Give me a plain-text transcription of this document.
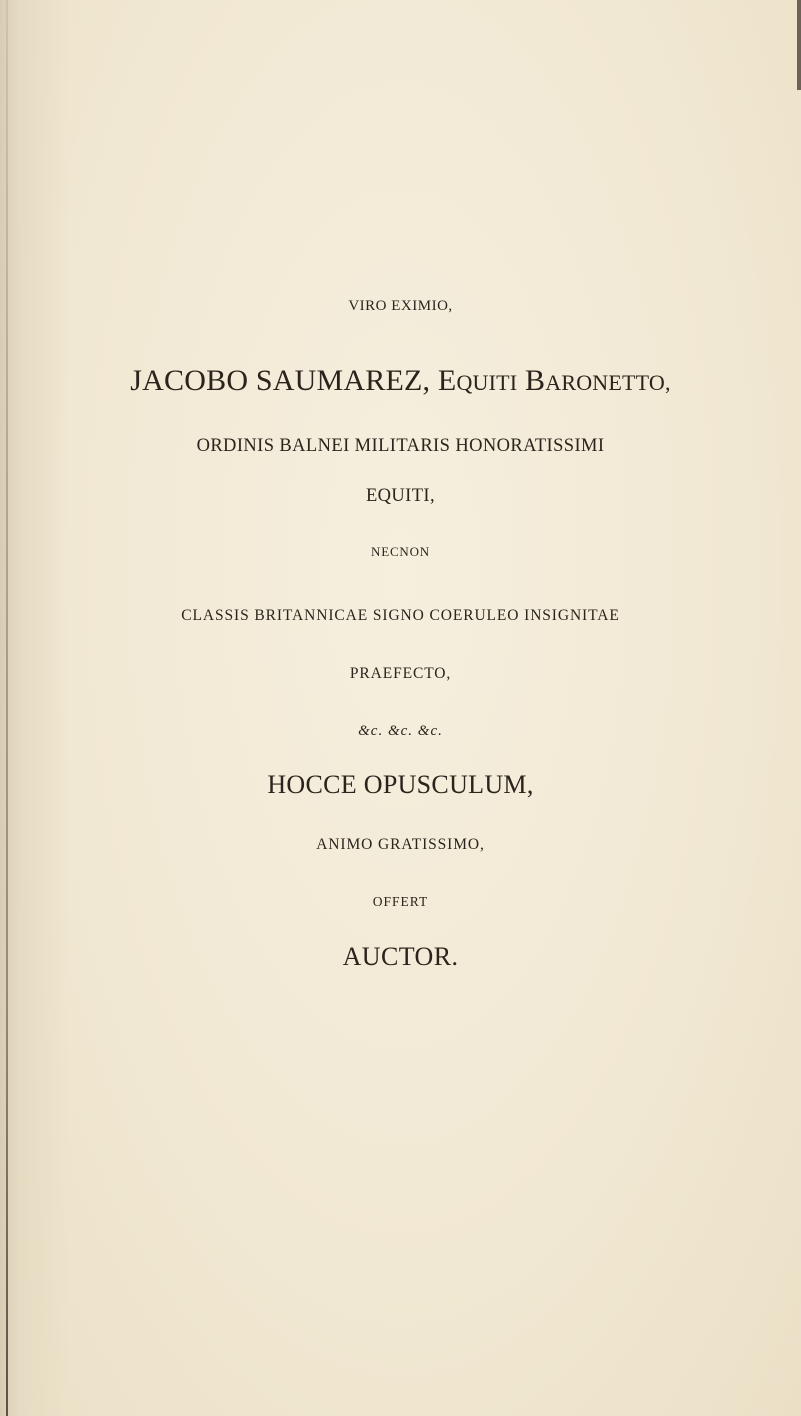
VIRO EXIMIO,
JACOBO SAUMAREZ, EQUITI BARONETTO,
ORDINIS BALNEI MILITARIS HONORATISSIMI
EQUITI,
NECNON
CLASSIS BRITANNICAE SIGNO COERULEO INSIGNITAE
PRAEFECTO,
&c. &c. &c.
HOCCE OPUSCULUM,
ANIMO GRATISSIMO,
OFFERT
AUCTOR.
